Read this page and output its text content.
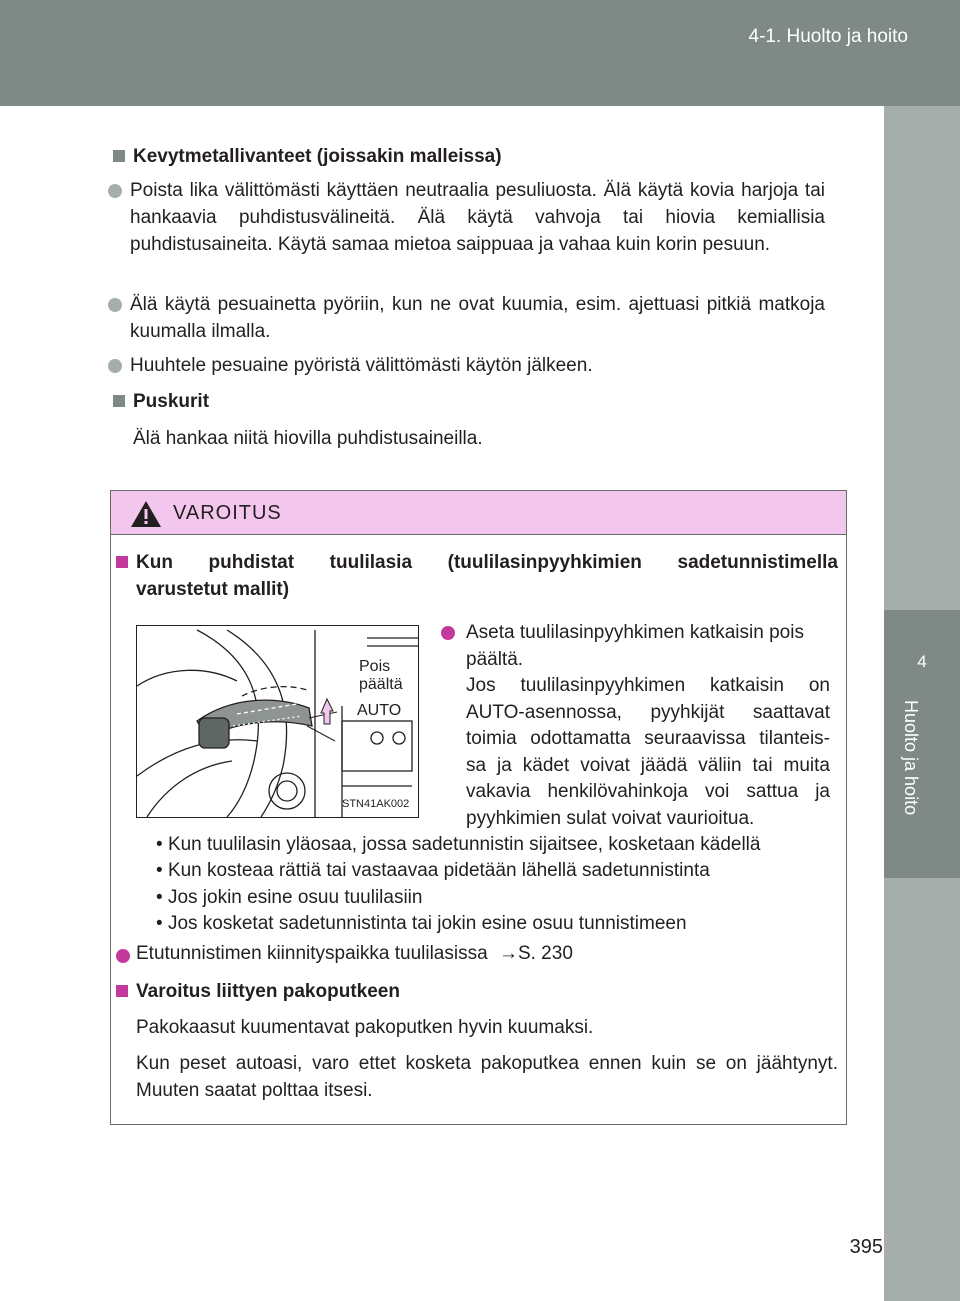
4-1. Huolto ja hoito
4
Huolto ja hoito
Kevytmetallivanteet (joissakin malleissa)
Poista lika välittömästi käyttäen neutraalia pesuliuosta. Älä käytä kovia harjoja tai hankaavia puhdistusvälineitä. Älä käytä vahvoja tai hiovia kemiallisia puhdistusaineita. Käytä samaa mietoa saippuaa ja vahaa kuin korin pesuun.
Älä käytä pesuainetta pyöriin, kun ne ovat kuumia, esim. ajettuasi pitkiä matkoja kuumalla ilmalla.
Huuhtele pesuaine pyöristä välittömästi käytön jälkeen.
Puskurit
Älä hankaa niitä hiovilla puhdistusaineilla.
VAROITUS
Kun puhdistat tuulilasia (tuulilasinpyyhkimien sadetunnistimella
varustetut mallit)
Pois
päältä
AUTO
STN41AK002
Aseta tuulilasinpyyhkimen katkaisin pois
päältä.
Jos tuulilasinpyyhkimen katkaisin on
AUTO-asennossa, pyyhkijät saattavat
toimia odottamatta seuraavissa tilanteis-
sa ja kädet voivat jäädä väliin tai muita
vakavia henkilövahinkoja voi sattua ja
pyyhkimien sulat voivat vaurioitua.
• Kun tuulilasin yläosaa, jossa sadetunnistin sijaitsee, kosketaan kädellä
• Kun kosteaa rättiä tai vastaavaa pidetään lähellä sadetunnistinta
• Jos jokin esine osuu tuulilasiin
• Jos kosketat sadetunnistinta tai jokin esine osuu tunnistimeen
Etutunnistimen kiinnityspaikka tuulilasissa →S. 230
Varoitus liittyen pakoputkeen
Pakokaasut kuumentavat pakoputken hyvin kuumaksi.
Kun peset autoasi, varo ettet kosketa pakoputkea ennen kuin se on jäähtynyt.
Muuten saatat polttaa itsesi.
395
